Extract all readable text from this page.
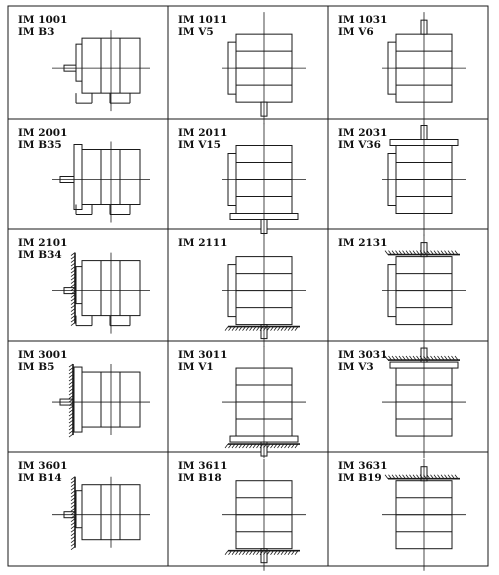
IM 1001
IM B3
IM 1011
IM V5
IM 1031
IM V6
IM 2001
IM B35
IM 2011
IM V15
IM 2031
IM V36
IM 2101
IM B34
IM 2111	IM 2131
IM 3001
IM B5
IM 3011
IM V1
IM 3031
IM V3
IM 3601
IM B14
IM 3611
IM B18
IM 3631
IM B19
